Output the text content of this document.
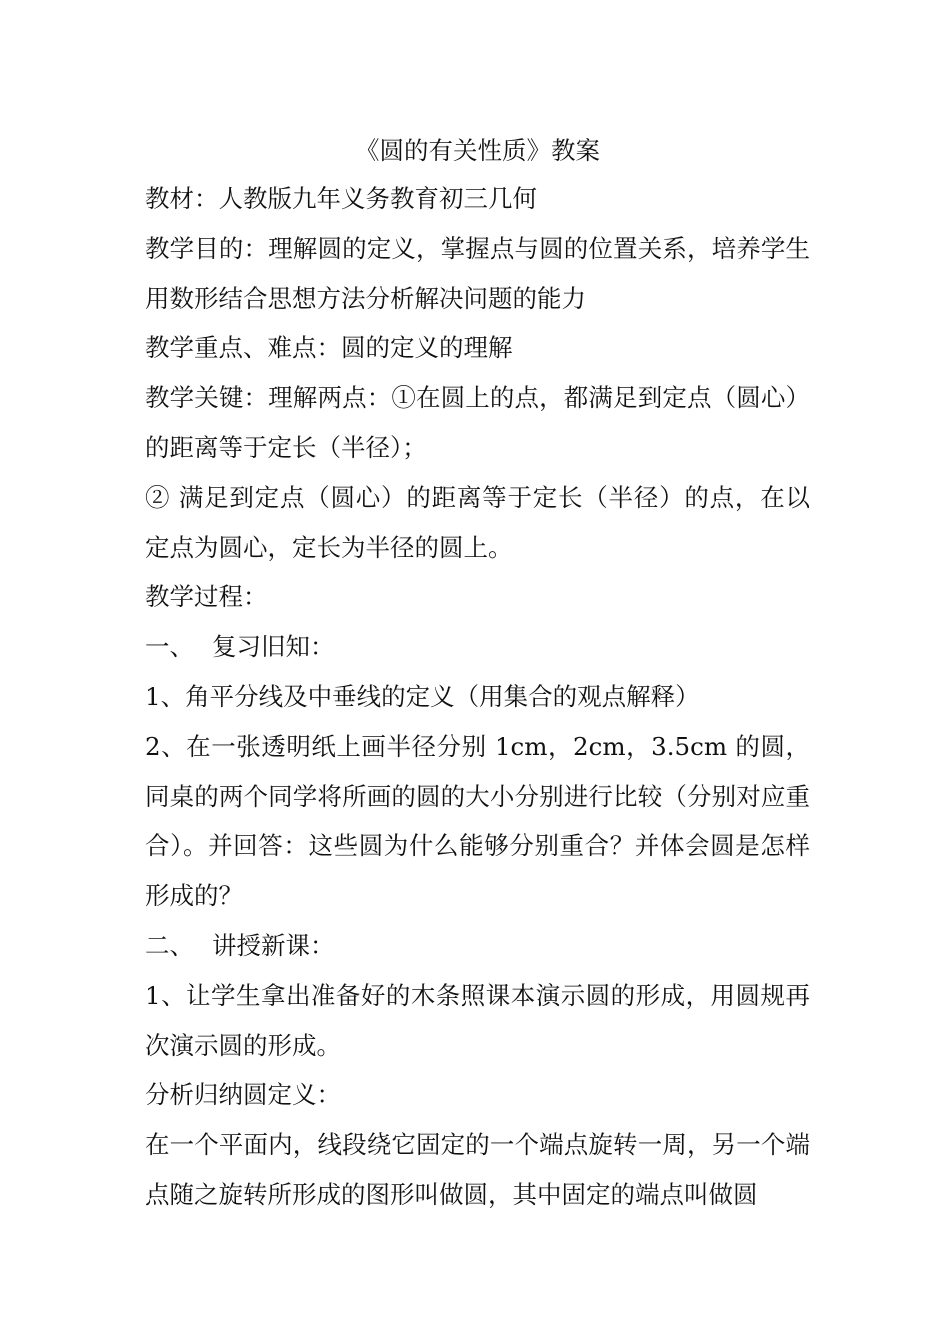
《圆的有关性质》教案

教材：人教版九年义务教育初三几何

教学目的：理解圆的定义，掌握点与圆的位置关系，培养学生用数形结合思想方法分析解决问题的能力

教学重点、难点：圆的定义的理解

教学关键：理解两点：①在圆上的点，都满足到定点（圆心）的距离等于定长（半径）；

② 满足到定点（圆心）的距离等于定长（半径）的点，在以定点为圆心，定长为半径的圆上。

教学过程：

一、 复习旧知：

1、角平分线及中垂线的定义（用集合的观点解释）

2、在一张透明纸上画半径分别 1cm，2cm，3.5cm 的圆，同桌的两个同学将所画的圆的大小分别进行比较（分别对应重合）。并回答：这些圆为什么能够分别重合？并体会圆是怎样形成的？

二、 讲授新课：

1、让学生拿出准备好的木条照课本演示圆的形成，用圆规再次演示圆的形成。

分析归纳圆定义：

在一个平面内，线段绕它固定的一个端点旋转一周，另一个端点随之旋转所形成的图形叫做圆，其中固定的端点叫做圆
